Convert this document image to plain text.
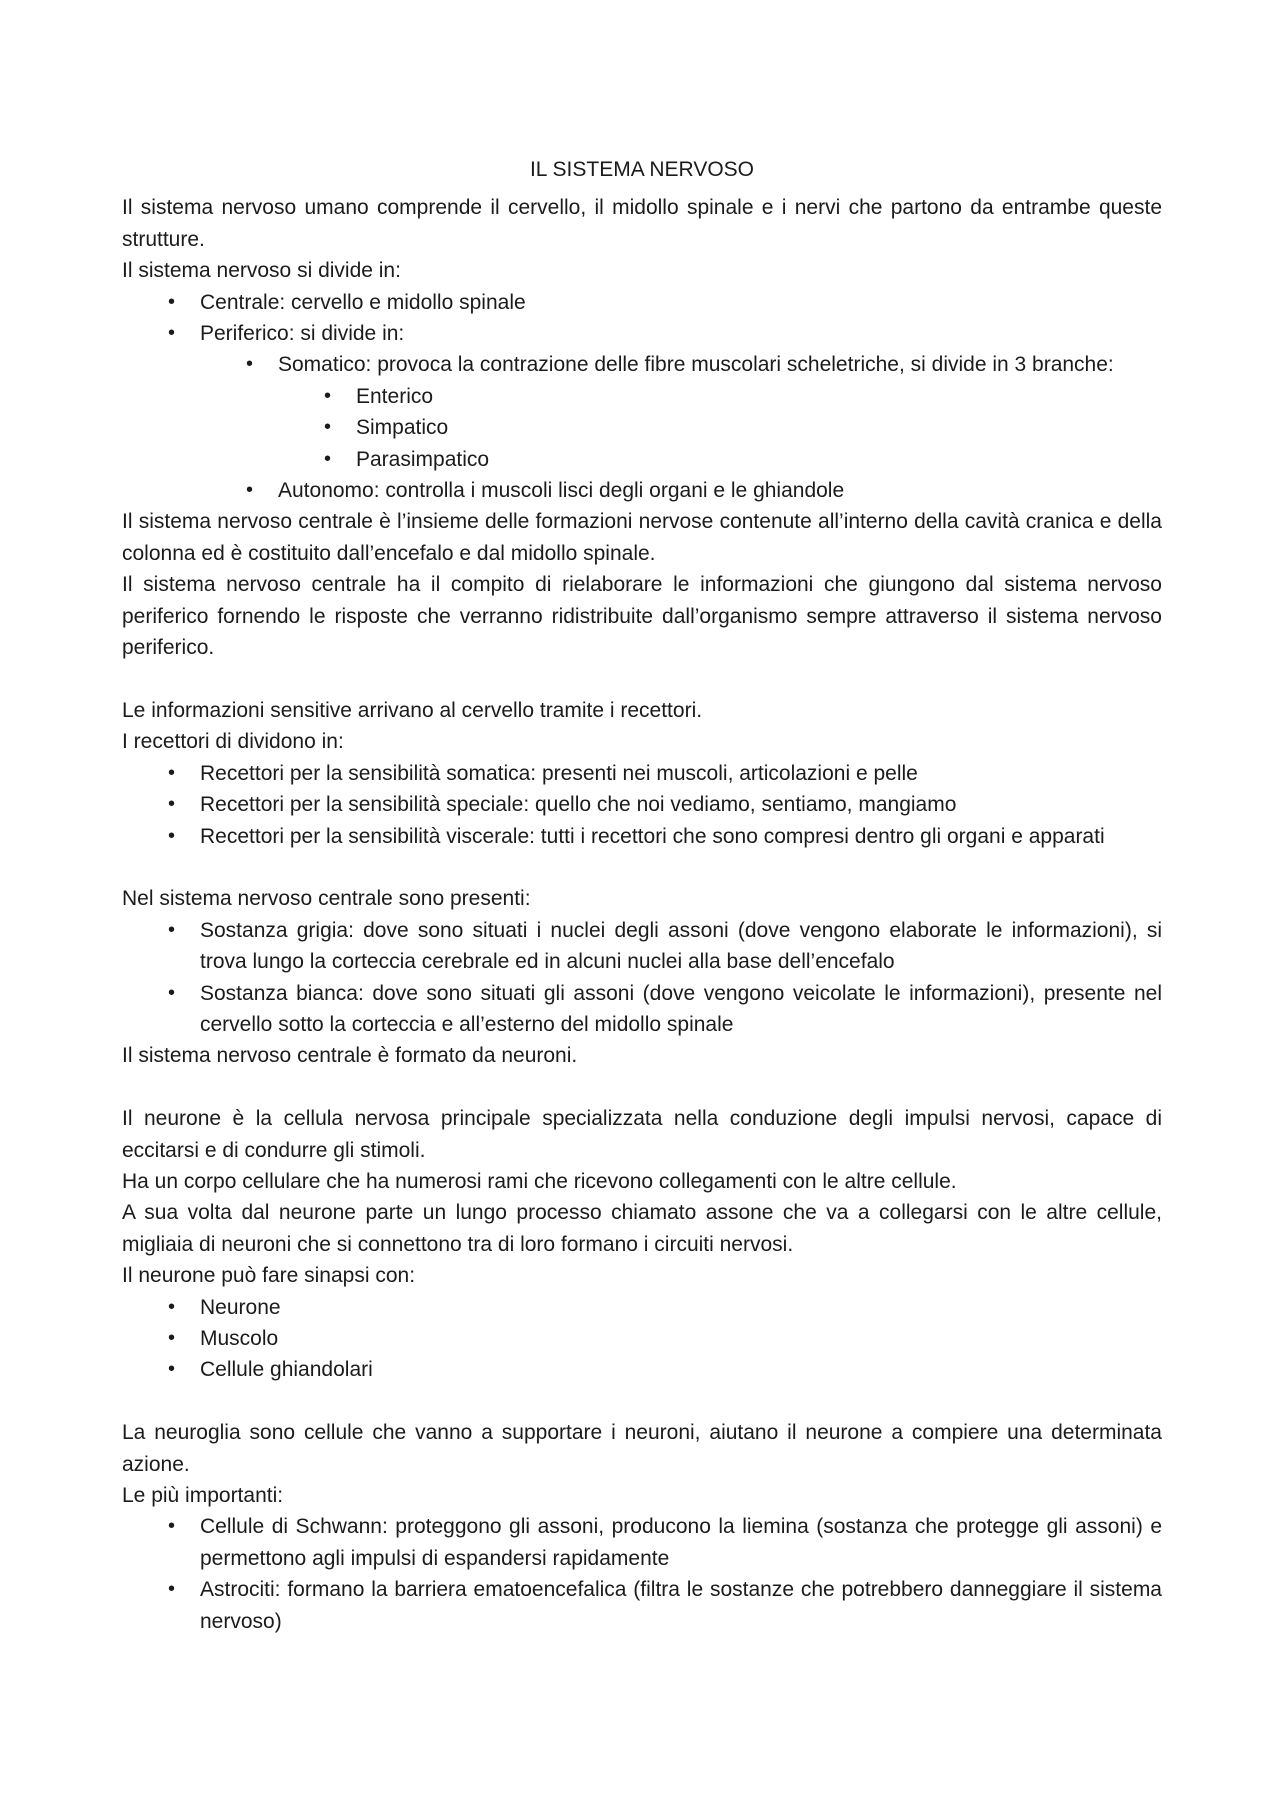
IL SISTEMA NERVOSO

Il sistema nervoso umano comprende il cervello, il midollo spinale e i nervi che partono da entrambe queste strutture.

Il sistema nervoso si divide in:

• Centrale: cervello e midollo spinale
• Periferico: si divide in:
• Somatico: provoca la contrazione delle fibre muscolari scheletriche, si divide in 3 branche:
• Enterico
• Simpatico
• Parasimpatico
• Autonomo: controlla i muscoli lisci degli organi e le ghiandole

Il sistema nervoso centrale è l’insieme delle formazioni nervose contenute all’interno della cavità cranica e della colonna ed è costituito dall’encefalo e dal midollo spinale.

Il sistema nervoso centrale ha il compito di rielaborare le informazioni che giungono dal sistema nervoso periferico fornendo le risposte che verranno ridistribuite dall’organismo sempre attraverso il sistema nervoso periferico.

Le informazioni sensitive arrivano al cervello tramite i recettori.

I recettori di dividono in:

• Recettori per la sensibilità somatica: presenti nei muscoli, articolazioni e pelle
• Recettori per la sensibilità speciale: quello che noi vediamo, sentiamo, mangiamo
• Recettori per la sensibilità viscerale: tutti i recettori che sono compresi dentro gli organi e apparati

Nel sistema nervoso centrale sono presenti:

• Sostanza grigia: dove sono situati i nuclei degli assoni (dove vengono elaborate le informazioni), si trova lungo la corteccia cerebrale ed in alcuni nuclei alla base dell’encefalo
• Sostanza bianca: dove sono situati gli assoni (dove vengono veicolate le informazioni), presente nel cervello sotto la corteccia e all’esterno del midollo spinale

Il sistema nervoso centrale è formato da neuroni.

Il neurone è la cellula nervosa principale specializzata nella conduzione degli impulsi nervosi, capace di eccitarsi e di condurre gli stimoli.

Ha un corpo cellulare che ha numerosi rami che ricevono collegamenti con le altre cellule.

A sua volta dal neurone parte un lungo processo chiamato assone che va a collegarsi con le altre cellule, migliaia di neuroni che si connettono tra di loro formano i circuiti nervosi.

Il neurone può fare sinapsi con:

• Neurone
• Muscolo
• Cellule ghiandolari

La neuroglia sono cellule che vanno a supportare i neuroni, aiutano il neurone a compiere una determinata azione.

Le più importanti:

• Cellule di Schwann: proteggono gli assoni, producono la liemina (sostanza che protegge gli assoni) e permettono agli impulsi di espandersi rapidamente
• Astrociti: formano la barriera ematoencefalica (filtra le sostanze che potrebbero danneggiare il sistema nervoso)
